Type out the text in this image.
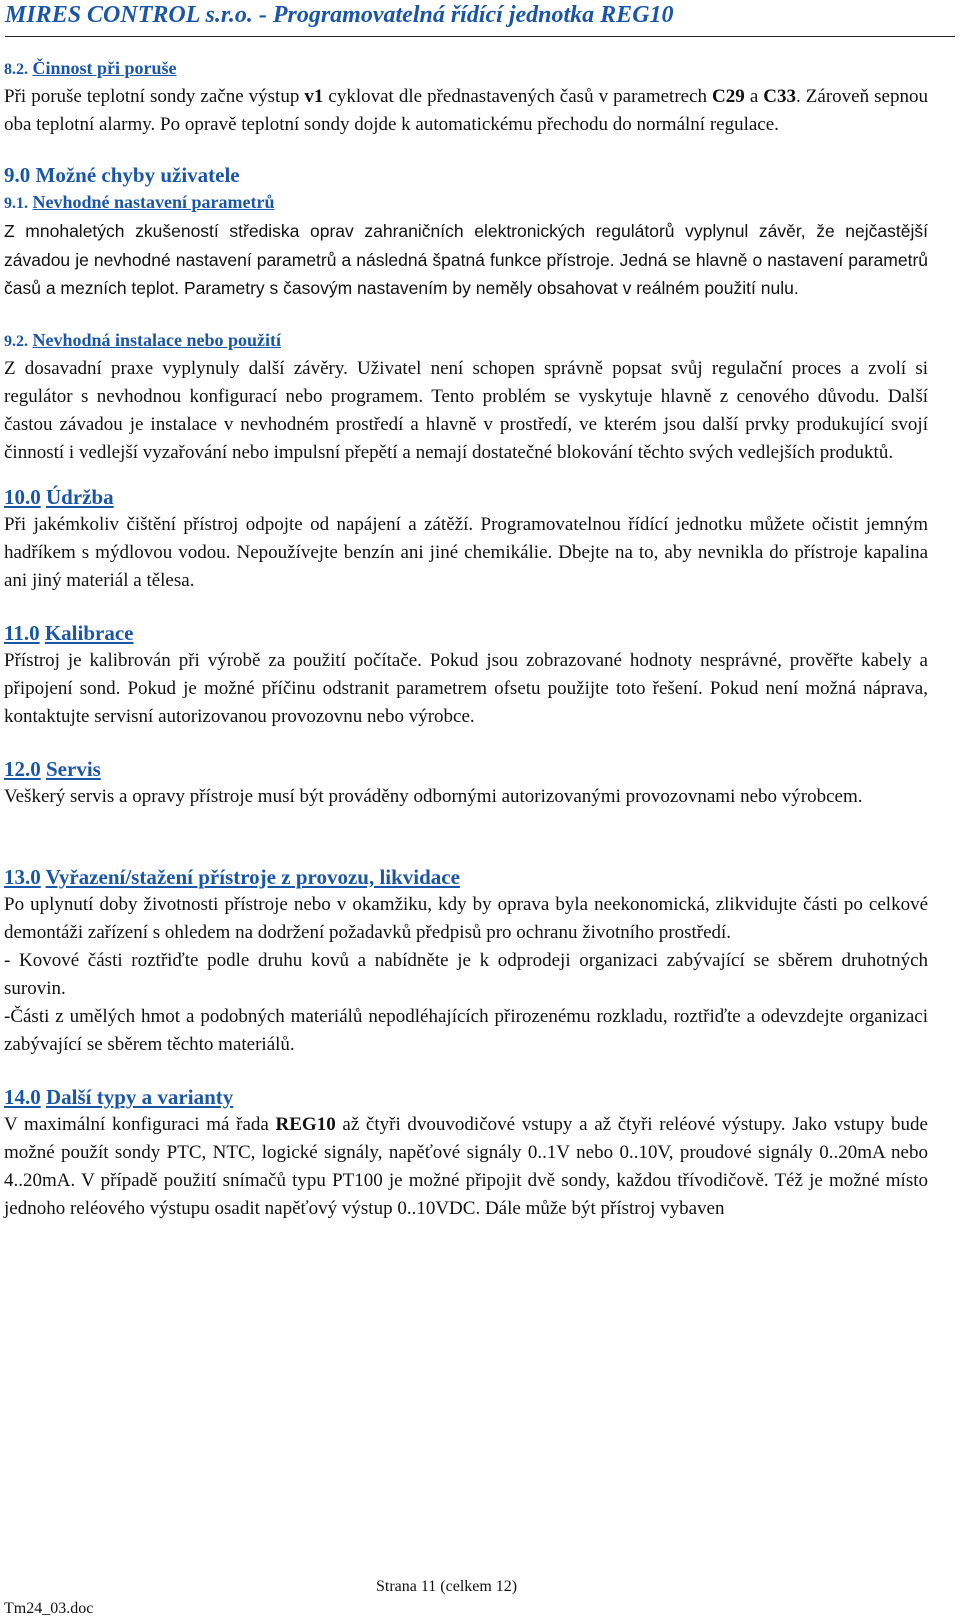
MIRES CONTROL s.r.o. - Programovatelná řídící jednotka REG10

8.2. Činnost při poruše

Při poruše teplotní sondy začne výstup v1 cyklovat dle přednastavených časů v parametrech C29 a C33. Zároveň sepnou oba teplotní alarmy. Po opravě teplotní sondy dojde k automatickému přechodu do normální regulace.

9.0 Možné chyby uživatele

9.1. Nevhodné nastavení parametrů

Z mnohaletých zkušeností střediska oprav zahraničních elektronických regulátorů vyplynul závěr, že nejčastější závadou je nevhodné nastavení parametrů a následná špatná funkce přístroje. Jedná se hlavně o nastavení parametrů časů a mezních teplot. Parametry s časovým nastavením by neměly obsahovat v reálném použití nulu.

9.2. Nevhodná instalace nebo použití

Z dosavadní praxe vyplynuly další závěry. Uživatel není schopen správně popsat svůj regulační proces a zvolí si regulátor s nevhodnou konfigurací nebo programem. Tento problém se vyskytuje hlavně z cenového důvodu. Další častou závadou je instalace v nevhodném prostředí a hlavně v prostředí, ve kterém jsou další prvky produkující svojí činností i vedlejší vyzařování nebo impulsní přepětí a nemají dostatečné blokování těchto svých vedlejších produktů.

10.0 Údržba

Při jakémkoliv čištění přístroj odpojte od napájení a zátěží. Programovatelnou řídící jednotku můžete očistit jemným hadříkem s mýdlovou vodou. Nepoužívejte benzín ani jiné chemikálie. Dbejte na to, aby nevnikla do přístroje kapalina ani jiný materiál a tělesa.

11.0 Kalibrace

Přístroj je kalibrován při výrobě za použití počítače. Pokud jsou zobrazované hodnoty nesprávné, prověřte kabely a připojení sond. Pokud je možné příčinu odstranit parametrem ofsetu použijte toto řešení. Pokud není možná náprava, kontaktujte servisní autorizovanou provozovnu nebo výrobce.

12.0 Servis

Veškerý servis a opravy přístroje musí být prováděny odbornými autorizovanými provozovnami nebo výrobcem.

13.0 Vyřazení/stažení přístroje z provozu, likvidace

Po uplynutí doby životnosti přístroje nebo v okamžiku, kdy by oprava byla neekonomická, zlikvidujte části po celkové demontáži zařízení s ohledem na dodržení požadavků předpisů pro ochranu životního prostředí.

- Kovové části roztřiďte podle druhu kovů a nabídněte je k odprodeji organizaci zabývající se sběrem druhotných surovin.

-Části z umělých hmot a podobných materiálů nepodléhajících přirozenému rozkladu, roztřiďte a odevzdejte organizaci zabývající se sběrem těchto materiálů.

14.0 Další typy a varianty

V maximální konfiguraci má řada REG10 až čtyři dvouvodičové vstupy a až čtyři reléové výstupy. Jako vstupy bude možné použít sondy PTC, NTC, logické signály, napěťové signály 0..1V nebo 0..10V, proudové signály 0..20mA nebo 4..20mA. V případě použití snímačů typu PT100 je možné připojit dvě sondy, každou třívodičově. Též je možné místo jednoho reléového výstupu osadit napěťový výstup 0..10VDC. Dále může být přístroj vybaven

Strana 11 (celkem 12)
Tm24_03.doc
